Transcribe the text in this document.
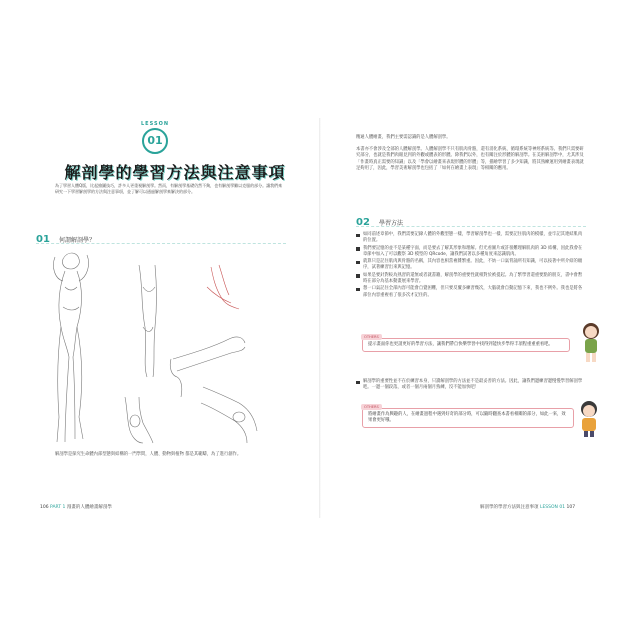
LESSON
01
解剖學的學習方法與注意事項
為了學習人體Q版，比起繪圖技巧，許多人更重視解剖學。然而，有解剖學基礎仍然不夠，也有解剖學難以克服的部分。讓我們來研究一下學習解剖學的方法與注意事項，並了解可以通過解剖學來解決的部分。
01 何謂解剖學？
解剖學是探究生命體內部型態與結構的一門學問，人體、動物與植物 都是其範疇，為了進行創作。
106 PART 1 漫畫的人體繪畫解剖學
精通人體繪畫，我們主要需認識的是人體解剖學。
本書亦不會涉及全部的人體解剖學。人體解剖學不只有肌肉骨骼，還有消化系統、循環系統等神經系統等。我們只需要研究部分，也就是我們肉眼見到的外觀或體表的形體。除我們以外，也有關注於形體的解剖學。在美術解剖學中，尤其涉及「作畫時真正需要的知識」以及「學會以繪畫來表現形體的形體」等，描繪學習了多少知識，將其熟練運用到繪畫表現就足夠用了，因此，學習美術解剖學也包括了「如何在繪畫上表現」等相關的應用。
02 學習方法
如同前述章節中，我們需要記錄人體的外觀型態一樣，學習解剖學也一樣，需要記住肌肉的模樣，並牢記其連結肌肉的位置。
我們要記憶的並不是某種字面，而是要去了解其形象和理解。但光看圖片或許很難理解肌肉的 3D 結構，因此我會在章節中加入了可以觀察 3D 模型的 QRcode，讓我們試著以多種角度來認識肌肉。
就算只是記住肌肉與骨骼的名稱，其內容也相當複雜繁重。因此，不妨一口氣背誦所有知識，可以按著中所介紹的順序，試著練習出來與記憶。
如果是要針對較為熟習的還無或者就書籍，解剖學的重要性就相對於被提起。為了繁學習還重要點的朋友，書中會暫時在部分為基本動畫展來學習。
想一口氣記住全部內容可能會自覺困難，但只要反覆多練習幾次，大腦就會自動記憶下來，我也不例外。我也是將各部位內容重複看了很多次才記住的。
OTHERS
提示畫面你也更請更好的學習方法，讓我們帶自快樂學習中找得到能快步學得丰項程重重重看吧。
解剖學的重要性並不在於練習本身，只讀解剖學的方法並不是最妥善的方法。因此，讓我們邊練習邊慢慢學習解剖學吧。一邊一個段落，或者一個月兩個月熟練，沒不能加快吧！
OTHERS
將繪畫作為興趣的人，在繪畫過程中遇到好奇的部分時，可以隨時翻查本書看相關的部分，如此一來，效果會更好哦。
解剖學的學習方法與注意事項 LESSON 01 107
